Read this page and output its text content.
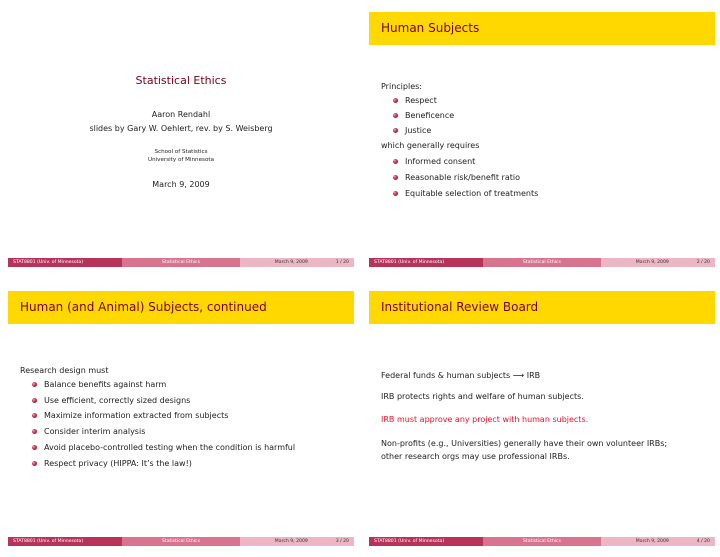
Statistical Ethics
Aaron Rendahl
slides by Gary W. Oehlert, rev. by S. Weisberg
School of Statistics
University of Minnesota
March 9, 2009
STAT8801 (Univ. of Minnesota)	Statistical Ethics	March 9, 2009	1 / 20
Human Subjects
Principles:
Respect
Beneficence
Justice
which generally requires
Informed consent
Reasonable risk/benefit ratio
Equitable selection of treatments
STAT8801 (Univ. of Minnesota)	Statistical Ethics	March 9, 2009	2 / 20
Human (and Animal) Subjects, continued
Research design must
Balance benefits against harm
Use efficient, correctly sized designs
Maximize information extracted from subjects
Consider interim analysis
Avoid placebo-controlled testing when the condition is harmful
Respect privacy (HIPPA: It’s the law!)
STAT8801 (Univ. of Minnesota)	Statistical Ethics	March 9, 2009	3 / 20
Institutional Review Board
Federal funds & human subjects ⟶ IRB
IRB protects rights and welfare of human subjects.
IRB must approve any project with human subjects.
Non-profits (e.g., Universities) generally have their own volunteer IRBs;
other research orgs may use professional IRBs.
STAT8801 (Univ. of Minnesota)	Statistical Ethics	March 9, 2009	4 / 20
